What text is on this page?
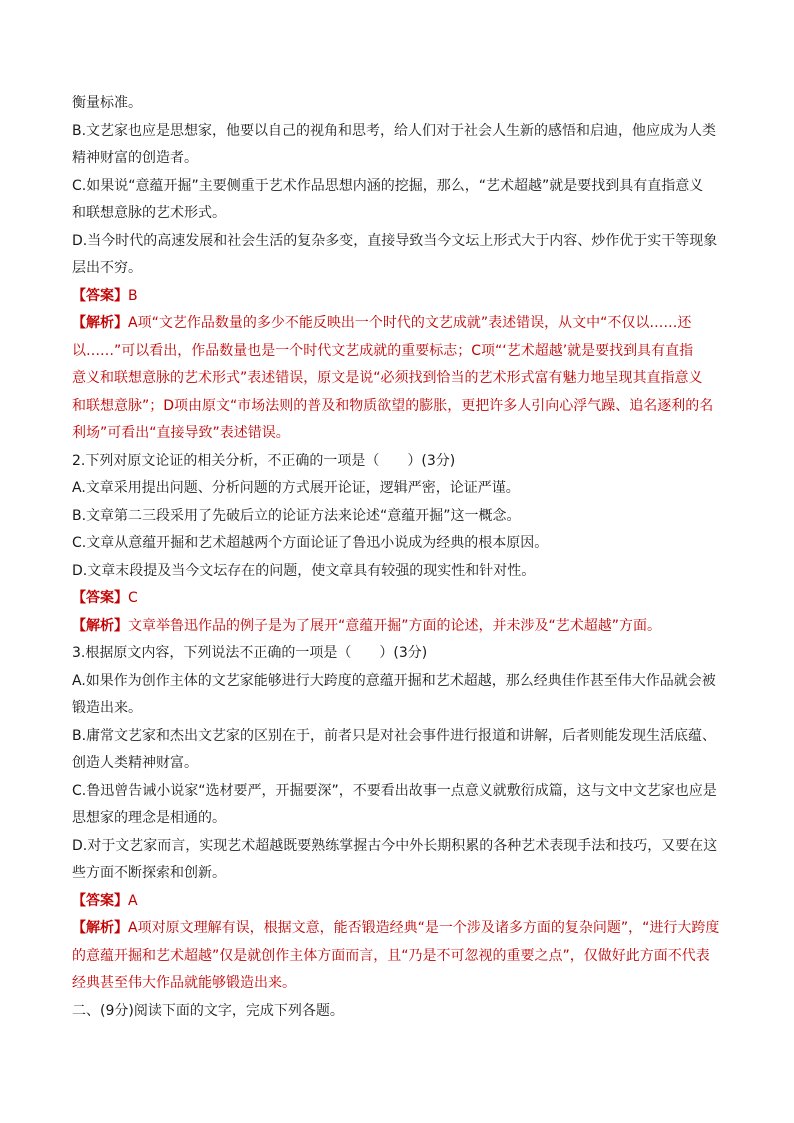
衡量标准。
B.文艺家也应是思想家，他要以自己的视角和思考，给人们对于社会人生新的感悟和启迪，他应成为人类
精神财富的创造者。
C.如果说“意蕴开掘”主要侧重于艺术作品思想内涵的挖掘，那么，“艺术超越”就是要找到具有直指意义
和联想意脉的艺术形式。
D.当今时代的高速发展和社会生活的复杂多变，直接导致当今文坛上形式大于内容、炒作优于实干等现象
层出不穷。
【答案】B
【解析】A项“文艺作品数量的多少不能反映出一个时代的文艺成就”表述错误，从文中“不仅以……还
以……”可以看出，作品数量也是一个时代文艺成就的重要标志；C项“‘艺术超越’就是要找到具有直指
意义和联想意脉的艺术形式”表述错误，原文是说“必须找到恰当的艺术形式富有魅力地呈现其直指意义
和联想意脉”；D项由原文“市场法则的普及和物质欲望的膨胀，更把许多人引向心浮气躁、追名逐利的名
利场”可看出“直接导致”表述错误。
2.下列对原文论证的相关分析，不正确的一项是（　　）(3分)
A.文章采用提出问题、分析问题的方式展开论证，逻辑严密，论证严谨。
B.文章第二三段采用了先破后立的论证方法来论述“意蕴开掘”这一概念。
C.文章从意蕴开掘和艺术超越两个方面论证了鲁迅小说成为经典的根本原因。
D.文章末段提及当今文坛存在的问题，使文章具有较强的现实性和针对性。
【答案】C
【解析】文章举鲁迅作品的例子是为了展开“意蕴开掘”方面的论述，并未涉及“艺术超越”方面。
3.根据原文内容，下列说法不正确的一项是（　　）(3分)
A.如果作为创作主体的文艺家能够进行大跨度的意蕴开掘和艺术超越，那么经典佳作甚至伟大作品就会被
锻造出来。
B.庸常文艺家和杰出文艺家的区别在于，前者只是对社会事件进行报道和讲解，后者则能发现生活底蕴、
创造人类精神财富。
C.鲁迅曾告诫小说家“选材要严，开掘要深”，不要看出故事一点意义就敷衍成篇，这与文中文艺家也应是
思想家的理念是相通的。
D.对于文艺家而言，实现艺术超越既要熟练掌握古今中外长期积累的各种艺术表现手法和技巧，又要在这
些方面不断探索和创新。
【答案】A
【解析】A项对原文理解有误，根据文意，能否锻造经典“是一个涉及诸多方面的复杂问题”，“进行大跨度
的意蕴开掘和艺术超越”仅是就创作主体方面而言，且“乃是不可忽视的重要之点”，仅做好此方面不代表
经典甚至伟大作品就能够锻造出来。
二、(9分)阅读下面的文字，完成下列各题。
